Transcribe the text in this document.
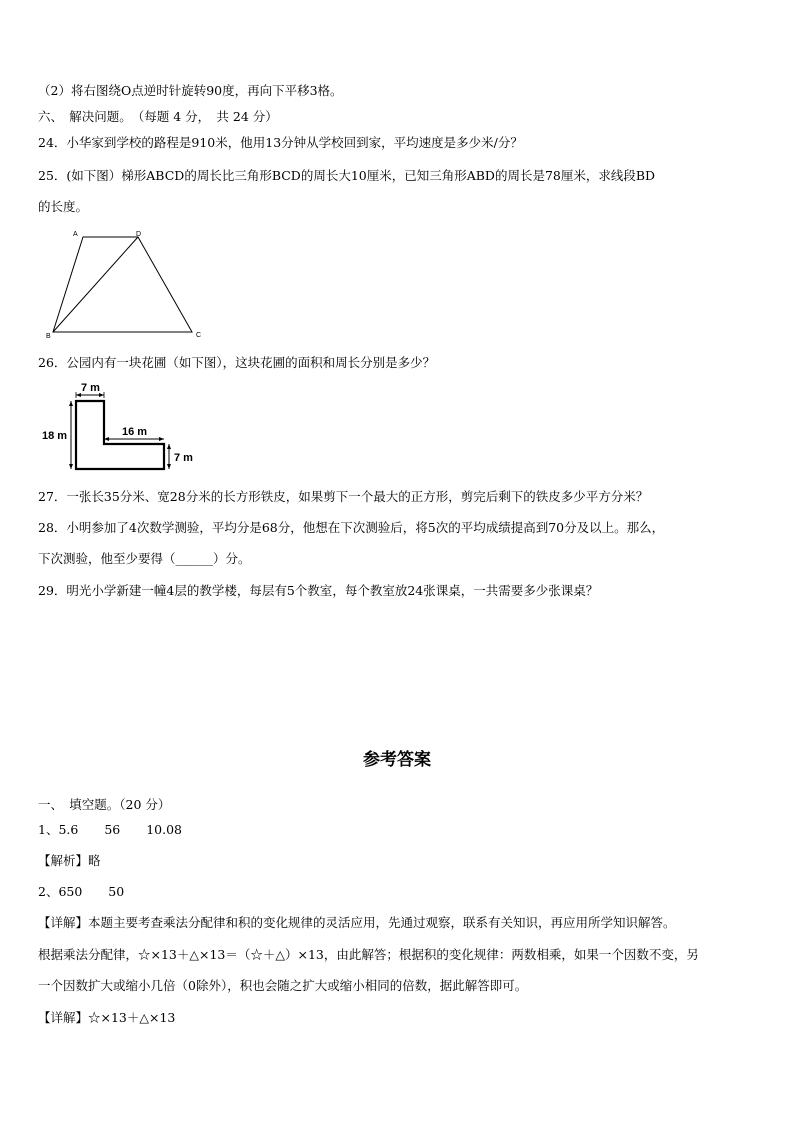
（2）将右图绕O点逆时针旋转90度，再向下平移3格。
六、　解决问题。　（每题 4 分，　共 24 分）
24．小华家到学校的路程是910米，他用13分钟从学校回到家，平均速度是多少米/分？
25．(如下图）梯形ABCD的周长比三角形BCD的周长大10厘米，已知三角形ABD的周长是78厘米，求线段BD
的长度。
A	D
B	C
26．公园内有一块花圃（如下图），这块花圃的面积和周长分别是多少？
7 m
18 m	16 m
7 m
27．一张长35分米、宽28分米的长方形铁皮，如果剪下一个最大的正方形，剪完后剩下的铁皮多少平方分米？
28．小明参加了4次数学测验，平均分是68分，他想在下次测验后，将5次的平均成绩提高到70分及以上。那么，
下次测验，他至少要得（______）分。
29．明光小学新建一幢4层的教学楼，每层有5个教室，每个教室放24张课桌，一共需要多少张课桌？
参考答案
一、　填空题。（20 分）
1、5.6 56 10.08
【解析】略
2、650 50
【详解】本题主要考查乘法分配律和积的变化规律的灵活应用，先通过观察，联系有关知识，再应用所学知识解答。
根据乘法分配律，☆×13＋△×13＝（☆＋△）×13，由此解答；根据积的变化规律：两数相乘，如果一个因数不变，另
一个因数扩大或缩小几倍（0除外），积也会随之扩大或缩小相同的倍数，据此解答即可。
【详解】☆×13＋△×13
